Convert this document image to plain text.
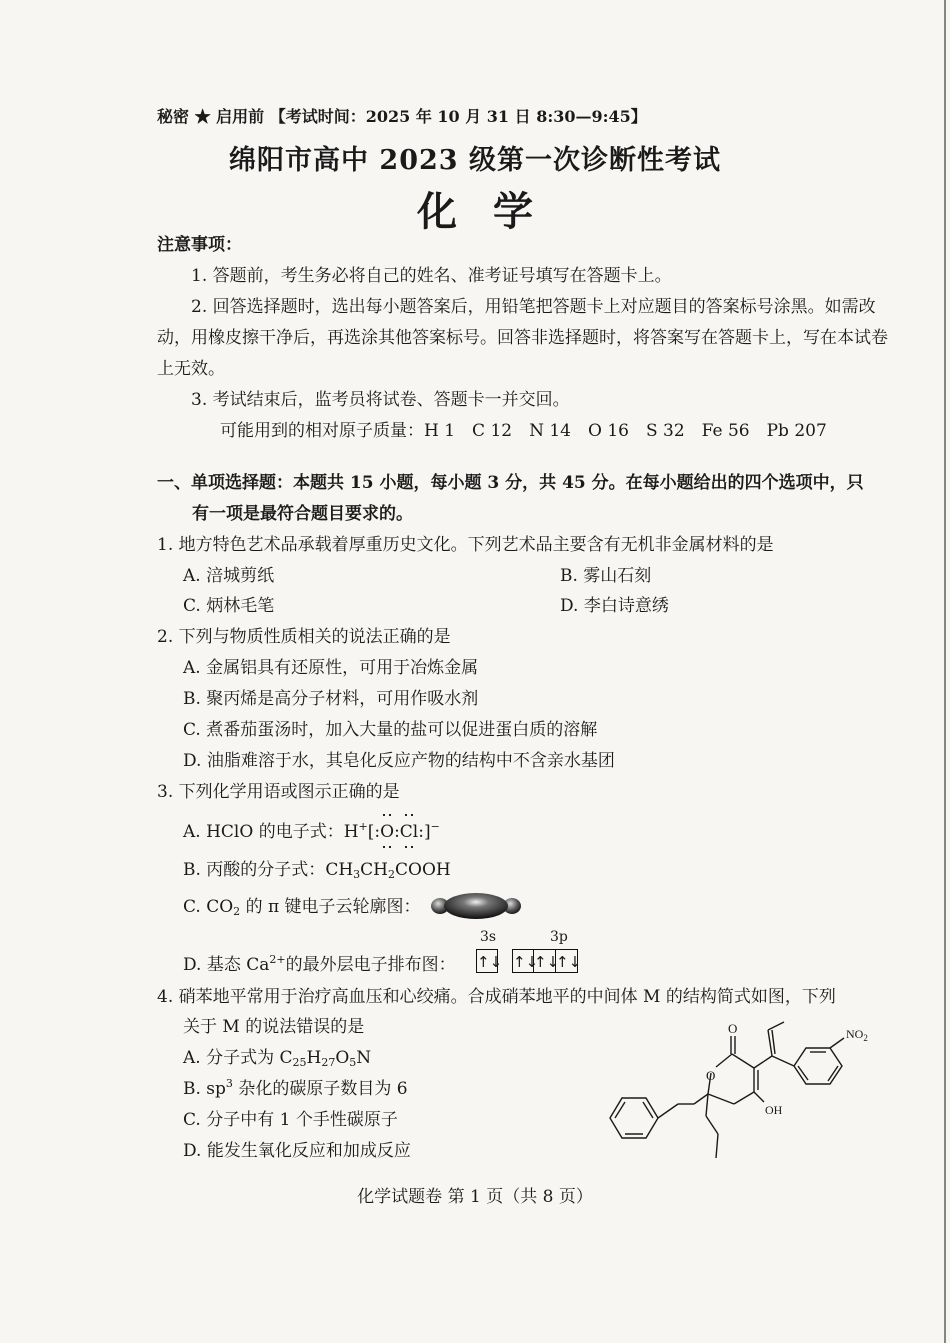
秘密 ★ 启用前 【考试时间：2025 年 10 月 31 日 8:30—9:45】
绵阳市高中 2023 级第一次诊断性考试
化学
注意事项：
1. 答题前，考生务必将自己的姓名、准考证号填写在答题卡上。
2. 回答选择题时，选出每小题答案后，用铅笔把答题卡上对应题目的答案标号涂黑。如需改动，用橡皮擦干净后，再选涂其他答案标号。回答非选择题时，将答案写在答题卡上，写在本试卷上无效。
3. 考试结束后，监考员将试卷、答题卡一并交回。
可能用到的相对原子质量：H 1　C 12　N 14　O 16　S 32　Fe 56　Pb 207
一、单项选择题：本题共 15 小题，每小题 3 分，共 45 分。在每小题给出的四个选项中，只
有一项是最符合题目要求的。
1. 地方特色艺术品承载着厚重历史文化。下列艺术品主要含有无机非金属材料的是
A. 涪城剪纸	B. 雾山石刻
C. 炳林毛笔	D. 李白诗意绣
2. 下列与物质性质相关的说法正确的是
A. 金属铝具有还原性，可用于冶炼金属
B. 聚丙烯是高分子材料，可用作吸水剂
C. 煮番茄蛋汤时，加入大量的盐可以促进蛋白质的溶解
D. 油脂难溶于水，其皂化反应产物的结构中不含亲水基团
3. 下列化学用语或图示正确的是
A. HClO 的电子式：H+[:O:Cl:]−
B. 丙酸的分子式：$CH_3CH_2COOH$
C. $CO_2$ 的 π 键电子云轮廓图：
D. 基态 $Ca^{2+}$的最外层电子排布图：
3s	3p
↑↓ ↑↓
↑↓
↑↓
4. 硝苯地平常用于治疗高血压和心绞痛。合成硝苯地平的中间体 M 的结构简式如图，下列
关于 M 的说法错误的是
A. 分子式为 $C_{25}H_{27}O_5N$
B. $sp^3$ 杂化的碳原子数目为 6
C. 分子中有 1 个手性碳原子
D. 能发生氧化反应和加成反应
O
O
OH
$NO_2$
化学试题卷 第 1 页（共 8 页）
